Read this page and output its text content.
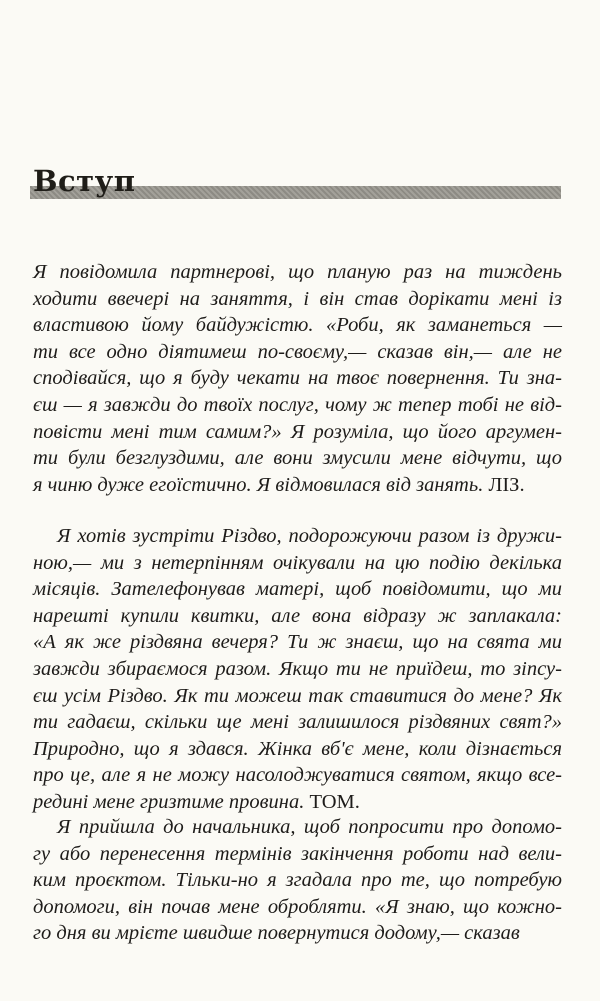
Вступ
Я повідомила партнерові, що планую раз на тиждень
ходити ввечері на заняття, і він став дорікати мені із
властивою йому байдужістю. «Роби, як заманеться —
ти все одно діятимеш по-своєму,— сказав він,— але не
сподівайся, що я буду чекати на твоє повернення. Ти зна-
єш — я завжди до твоїх послуг, чому ж тепер тобі не від-
повісти мені тим самим?» Я розуміла, що його аргумен-
ти були безглуздими, але вони змусили мене відчути, що
я чиню дуже егоїстично. Я відмовилася від занять. ЛІЗ.
Я хотів зустріти Різдво, подорожуючи разом із дружи-
ною,— ми з нетерпінням очікували на цю подію декілька
місяців. Зателефонував матері, щоб повідомити, що ми
нарешті купили квитки, але вона відразу ж заплакала:
«А як же різдвяна вечеря? Ти ж знаєш, що на свята ми
завжди збираємося разом. Якщо ти не приїдеш, то зіпсу-
єш усім Різдво. Як ти можеш так ставитися до мене? Як
ти гадаєш, скільки ще мені залишилося різдвяних свят?»
Природно, що я здався. Жінка вб'є мене, коли дізнається
про це, але я не можу насолоджуватися святом, якщо все-
редині мене гризтиме провина. ТОМ.
Я прийшла до начальника, щоб попросити про допомо-
гу або перенесення термінів закінчення роботи над вели-
ким проєктом. Тільки-но я згадала про те, що потребую
допомоги, він почав мене обробляти. «Я знаю, що кожно-
го дня ви мрієте швидше повернутися додому,— сказав
